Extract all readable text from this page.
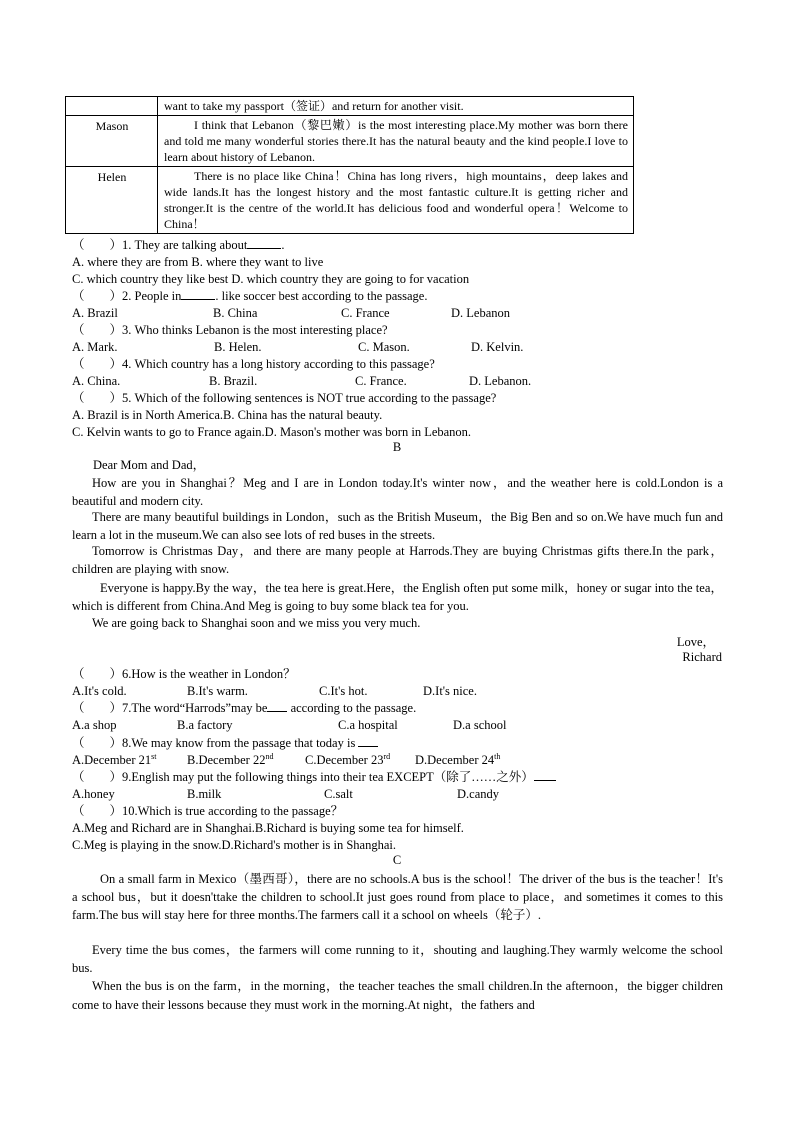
	want to take my passport（签证）and return for another visit.
Mason	I think that Lebanon（黎巴嫩）is the most interesting place.My mother was born there and told me many wonderful stories there.It has the natural beauty and the kind people.I love to learn about history of Lebanon.
Helen	There is no place like China！China has long rivers，high mountains，deep lakes and wide lands.It has the longest history and the most fantastic culture.It is getting richer and stronger.It is the centre of the world.It has delicious food and wonderful opera！Welcome to China！
（　　）1. They are talking about	.
A. where they are from B. where they want to live
C. which country they like best D. which country they are going to for vacation
（　　）2. People in	. like soccer best according to the passage.
A. Brazil	B. China	C. France	D. Lebanon
（　　）3. Who thinks Lebanon is the most interesting place?
A. Mark.	B. Helen.	C. Mason.	D. Kelvin.
（　　）4. Which country has a long history according to this passage?
A. China.	B. Brazil.	C. France.	D. Lebanon.
（　　）5. Which of the following sentences is NOT true according to the passage?
A. Brazil is in North America.B. China has the natural beauty.
C. Kelvin wants to go to France again.D. Mason's mother was born in Lebanon.
B
Dear Mom and Dad，
How are you in Shanghai？Meg and I are in London today.It's winter now，and the weather here is cold.London is a beautiful and modern city.
There are many beautiful buildings in London，such as the British Museum，the Big Ben and so on.We have much fun and learn a lot in the museum.We can also see lots of red buses in the streets.
Tomorrow is Christmas Day，and there are many people at Harrods.They are buying Christmas gifts there.In the park，children are playing with snow.
Everyone is happy.By the way，the tea here is great.Here，the English often put some milk，honey or sugar into the tea，which is different from China.And Meg is going to buy some black tea for you.
We are going back to Shanghai soon and we miss you very much.
Love，
Richard
（　　）6.How is the weather in London？
A.It's cold.	B.It's warm.	C.It's hot.	D.It's nice.
（　　）7.The word“Harrods”may be according to the passage.
A.a shop	B.a factory	C.a hospital	D.a school
（　　）8.We may know from the passage that today is
A.December 21st B.December 22nd	C.December 23rd D.December 24th
（　　）9.English may put the following things into their tea EXCEPT（除了……之外）
A.honey	B.milk	C.salt	D.candy
（　　）10.Which is true according to the passage？
A.Meg and Richard are in Shanghai.B.Richard is buying some tea for himself.
C.Meg is playing in the snow.D.Richard's mother is in Shanghai.
C
On a small farm in Mexico（墨西哥），there are no schools.A bus is the school！The driver of the bus is the teacher！It's a school bus，but it doesn'ttake the children to school.It just goes round from place to place，and sometimes it comes to this farm.The bus will stay here for three months.The farmers call it a school on wheels（轮子）.
Every time the bus comes，the farmers will come running to it，shouting and laughing.They warmly welcome the school bus.
When the bus is on the farm，in the morning，the teacher teaches the small children.In the afternoon，the bigger children come to have their lessons because they must work in the morning.At night，the fathers and
